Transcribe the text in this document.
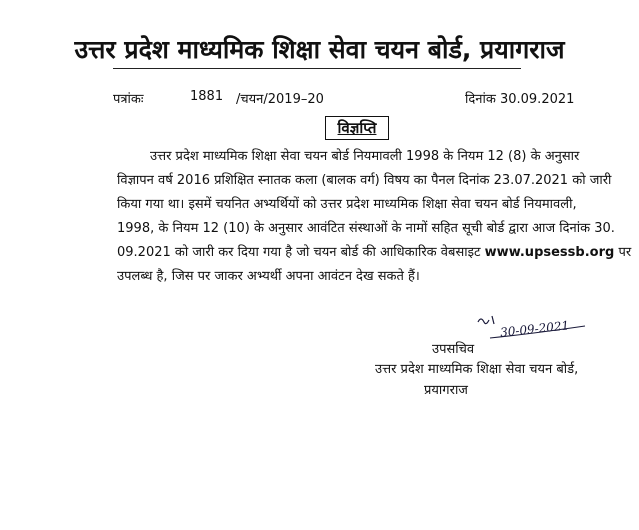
उत्तर प्रदेश माध्यमिक शिक्षा सेवा चयन बोर्ड, प्रयागराज
पत्रांकः	1881 /चयन/2019–20	दिनांक 30.09.2021
विज्ञप्ति
उत्तर प्रदेश माध्यमिक शिक्षा सेवा चयन बोर्ड नियमावली 1998 के नियम 12 (8) के अनुसार
विज्ञापन वर्ष 2016 प्रशिक्षित स्नातक कला (बालक वर्ग) विषय का पैनल दिनांक 23.07.2021 को जारी
किया गया था। इसमें चयनित अभ्यर्थियों को उत्तर प्रदेश माध्यमिक शिक्षा सेवा चयन बोर्ड नियमावली,
1998, के नियम 12 (10) के अनुसार आवंटित संस्थाओं के नामों सहित सूची बोर्ड द्वारा आज दिनांक 30.
09.2021 को जारी कर दिया गया है जो चयन बोर्ड की आधिकारिक वेबसाइट www.upsessb.org पर
उपलब्ध है, जिस पर जाकर अभ्यर्थी अपना आवंटन देख सकते हैं।
30-09-2021
उपसचिव
उत्तर प्रदेश माध्यमिक शिक्षा सेवा चयन बोर्ड,
प्रयागराज
